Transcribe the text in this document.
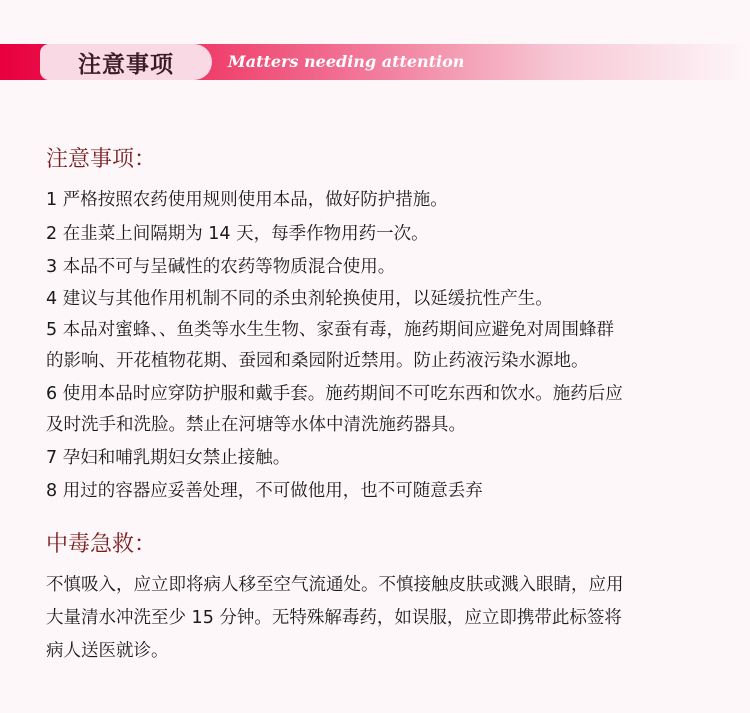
注意事项	Matters needing attention
注意事项：
1 严格按照农药使用规则使用本品，做好防护措施。
2 在韭菜上间隔期为 14 天，每季作物用药一次。
3 本品不可与呈碱性的农药等物质混合使用。
4 建议与其他作用机制不同的杀虫剂轮换使用，以延缓抗性产生。
5 本品对蜜蜂、、鱼类等水生生物、家蚕有毒，施药期间应避免对周围蜂群
的影响、开花植物花期、蚕园和桑园附近禁用。防止药液污染水源地。
6 使用本品时应穿防护服和戴手套。施药期间不可吃东西和饮水。施药后应
及时洗手和洗脸。禁止在河塘等水体中清洗施药器具。
7 孕妇和哺乳期妇女禁止接触。
8 用过的容器应妥善处理，不可做他用，也不可随意丢弃
中毒急救：
不慎吸入，应立即将病人移至空气流通处。不慎接触皮肤或溅入眼睛，应用
大量清水冲洗至少 15 分钟。无特殊解毒药，如误服，应立即携带此标签将
病人送医就诊。
